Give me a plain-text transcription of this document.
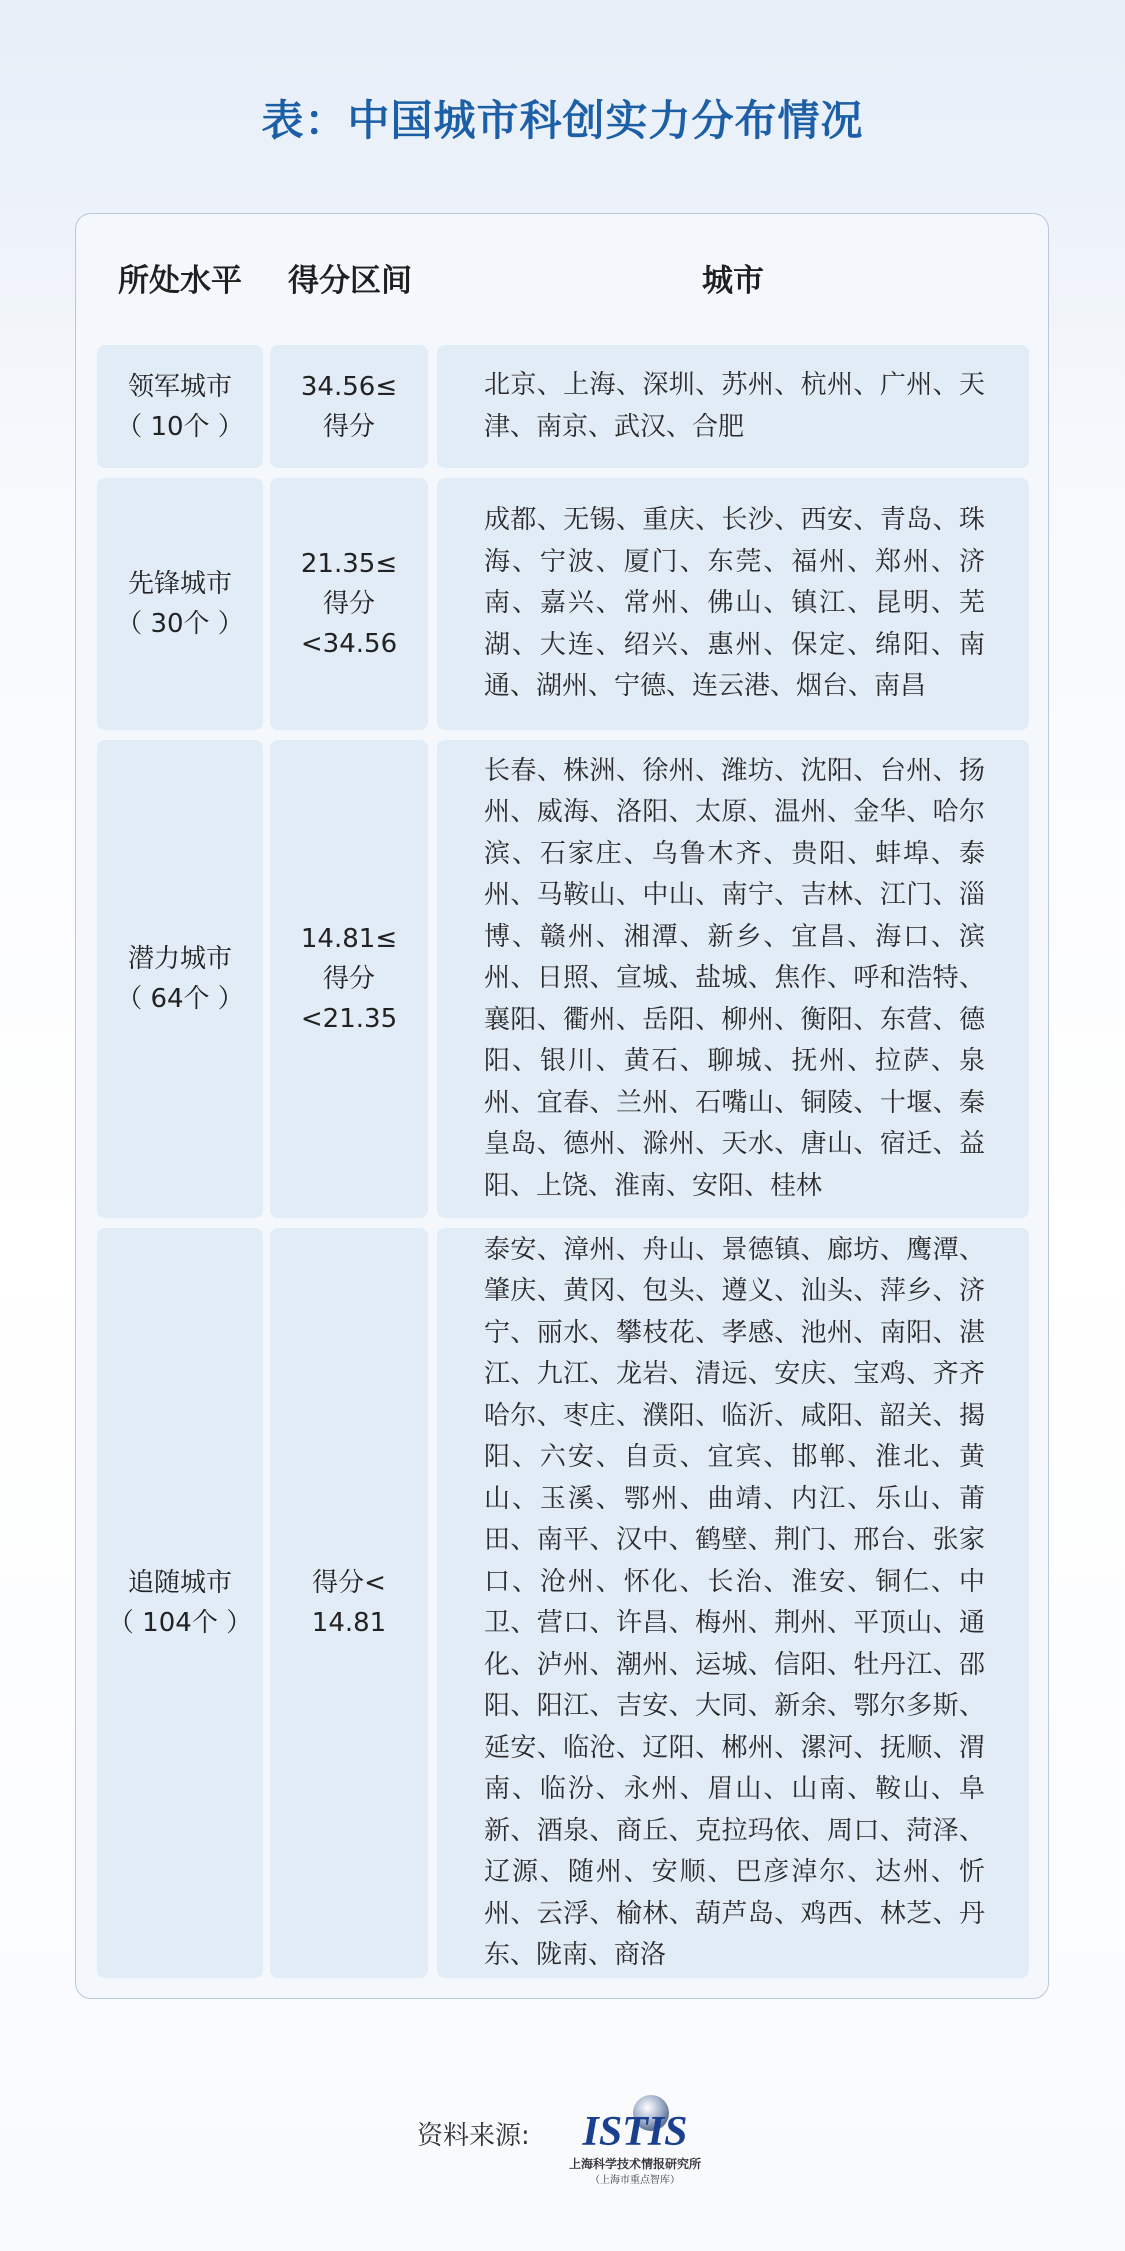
表：中国城市科创实力分布情况
所处水平	得分区间	城市
领军城市
（ 10个 ）
34.56≤
得分
北京、上海、深圳、苏州、杭州、广州、天津、南京、武汉、合肥
先锋城市
（ 30个 ）
21.35≤
得分
<34.56
成都、无锡、重庆、长沙、西安、青岛、珠海、宁波、厦门、东莞、福州、郑州、济南、嘉兴、常州、佛山、镇江、昆明、芜湖、大连、绍兴、惠州、保定、绵阳、南通、湖州、宁德、连云港、烟台、南昌
潜力城市
（ 64个 ）
14.81≤
得分
<21.35
长春、株洲、徐州、潍坊、沈阳、台州、扬州、威海、洛阳、太原、温州、金华、哈尔滨、石家庄、乌鲁木齐、贵阳、蚌埠、泰州、马鞍山、中山、南宁、吉林、江门、淄博、赣州、湘潭、新乡、宜昌、海口、滨州、日照、宣城、盐城、焦作、呼和浩特、襄阳、衢州、岳阳、柳州、衡阳、东营、德阳、银川、黄石、聊城、抚州、拉萨、泉州、宜春、兰州、石嘴山、铜陵、十堰、秦皇岛、德州、滁州、天水、唐山、宿迁、益阳、上饶、淮南、安阳、桂林
追随城市
（ 104个 ）
得分<
14.81
泰安、漳州、舟山、景德镇、廊坊、鹰潭、肇庆、黄冈、包头、遵义、汕头、萍乡、济宁、丽水、攀枝花、孝感、池州、南阳、湛江、九江、龙岩、清远、安庆、宝鸡、齐齐哈尔、枣庄、濮阳、临沂、咸阳、韶关、揭阳、六安、自贡、宜宾、邯郸、淮北、黄山、玉溪、鄂州、曲靖、内江、乐山、莆田、南平、汉中、鹤壁、荆门、邢台、张家口、沧州、怀化、长治、淮安、铜仁、中卫、营口、许昌、梅州、荆州、平顶山、通化、泸州、潮州、运城、信阳、牡丹江、邵阳、阳江、吉安、大同、新余、鄂尔多斯、延安、临沧、辽阳、郴州、漯河、抚顺、渭南、临汾、永州、眉山、山南、鞍山、阜新、酒泉、商丘、克拉玛依、周口、菏泽、辽源、随州、安顺、巴彦淖尔、达州、忻州、云浮、榆林、葫芦岛、鸡西、林芝、丹东、陇南、商洛
资料来源: ISTIS
上海科学技术情报研究所
（上海市重点智库）
